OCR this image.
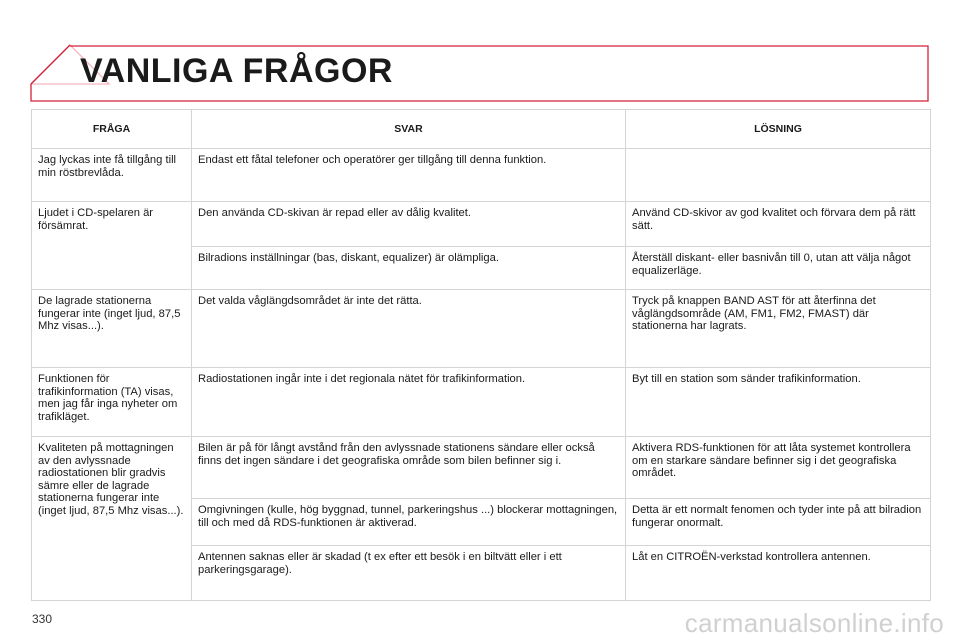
VANLIGA FRÅGOR
FRÅGA	SVAR	LÖSNING
Jag lyckas inte få tillgång till min röstbrevlåda.	Endast ett fåtal telefoner och operatörer ger tillgång till denna funktion.	
Ljudet i CD-spelaren är försämrat.	Den använda CD-skivan är repad eller av dålig kvalitet.	Använd CD-skivor av god kvalitet och förvara dem på rätt sätt.
	Bilradions inställningar (bas, diskant, equalizer) är olämpliga.	Återställ diskant- eller basnivån till 0, utan att välja något equalizerläge.
De lagrade stationerna fungerar inte (inget ljud, 87,5 Mhz visas...).	Det valda våglängdsområdet är inte det rätta.	Tryck på knappen BAND AST för att återfinna det våglängdsområde (AM, FM1, FM2, FMAST) där stationerna har lagrats.
Funktionen för trafikinformation (TA) visas, men jag får inga nyheter om trafikläget.	Radiostationen ingår inte i det regionala nätet för trafikinformation.	Byt till en station som sänder trafikinformation.
Kvaliteten på mottagningen av den avlyssnade radiostationen blir gradvis sämre eller de lagrade stationerna fungerar inte (inget ljud, 87,5 Mhz visas...).	Bilen är på för långt avstånd från den avlyssnade stationens sändare eller också finns det ingen sändare i det geografiska område som bilen befinner sig i.	Aktivera RDS-funktionen för att låta systemet kontrollera om en starkare sändare befinner sig i det geografiska området.
	Omgivningen (kulle, hög byggnad, tunnel, parkeringshus ...) blockerar mottagningen, till och med då RDS-funktionen är aktiverad.	Detta är ett normalt fenomen och tyder inte på att bilradion fungerar onormalt.
	Antennen saknas eller är skadad (t ex efter ett besök i en biltvätt eller i ett parkeringsgarage).	Låt en CITROËN-verkstad kontrollera antennen.
330	carmanualsonline.info
